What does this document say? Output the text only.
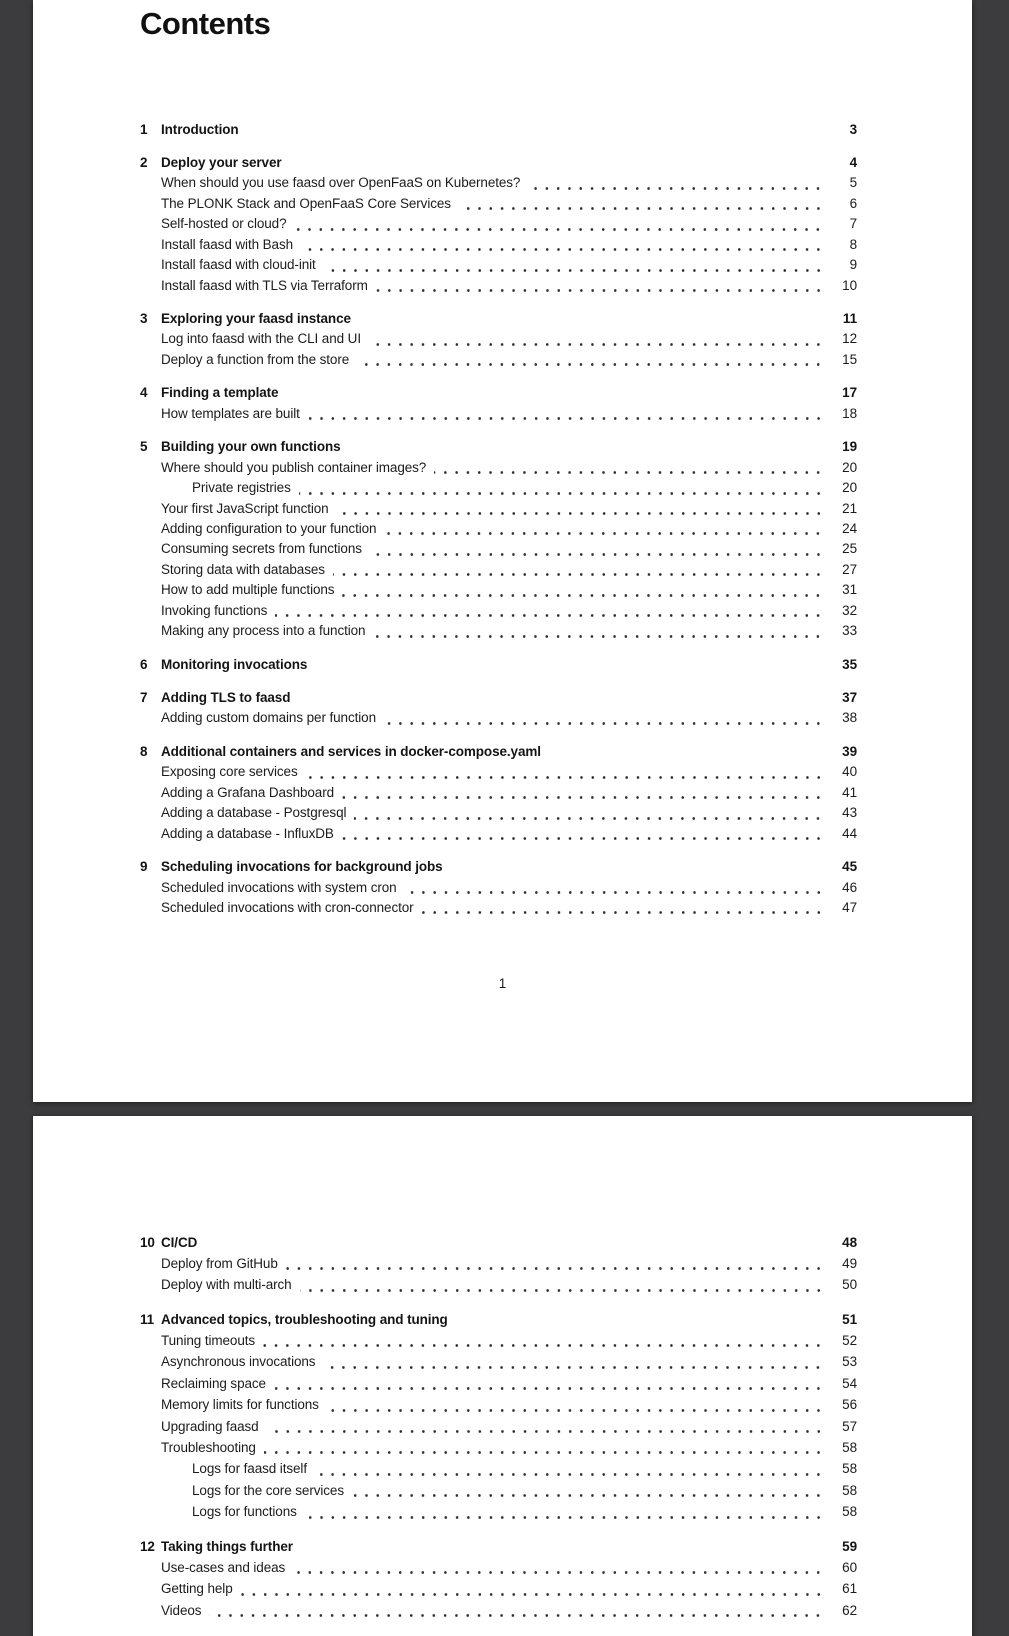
Contents
1	Introduction	3
2	Deploy your server	4
When should you use faasd over OpenFaaS on Kubernetes?	5
The PLONK Stack and OpenFaaS Core Services	6
Self-hosted or cloud?	7
Install faasd with Bash	8
Install faasd with cloud-init	9
Install faasd with TLS via Terraform	10
3	Exploring your faasd instance	11
Log into faasd with the CLI and UI	12
Deploy a function from the store	15
4	Finding a template	17
How templates are built	18
5	Building your own functions	19
Where should you publish container images?	20
Private registries	20
Your first JavaScript function	21
Adding configuration to your function	24
Consuming secrets from functions	25
Storing data with databases	27
How to add multiple functions	31
Invoking functions	32
Making any process into a function	33
6	Monitoring invocations	35
7	Adding TLS to faasd	37
Adding custom domains per function	38
8	Additional containers and services in docker-compose.yaml	39
Exposing core services	40
Adding a Grafana Dashboard	41
Adding a database - Postgresql	43
Adding a database - InfluxDB	44
9	Scheduling invocations for background jobs	45
Scheduled invocations with system cron	46
Scheduled invocations with cron-connector	47
1
10 CI/CD	48
Deploy from GitHub	49
Deploy with multi-arch	50
11 Advanced topics, troubleshooting and tuning	51
Tuning timeouts	52
Asynchronous invocations	53
Reclaiming space	54
Memory limits for functions	56
Upgrading faasd	57
Troubleshooting	58
Logs for faasd itself	58
Logs for the core services	58
Logs for functions	58
12 Taking things further	59
Use-cases and ideas	60
Getting help	61
Videos	62
